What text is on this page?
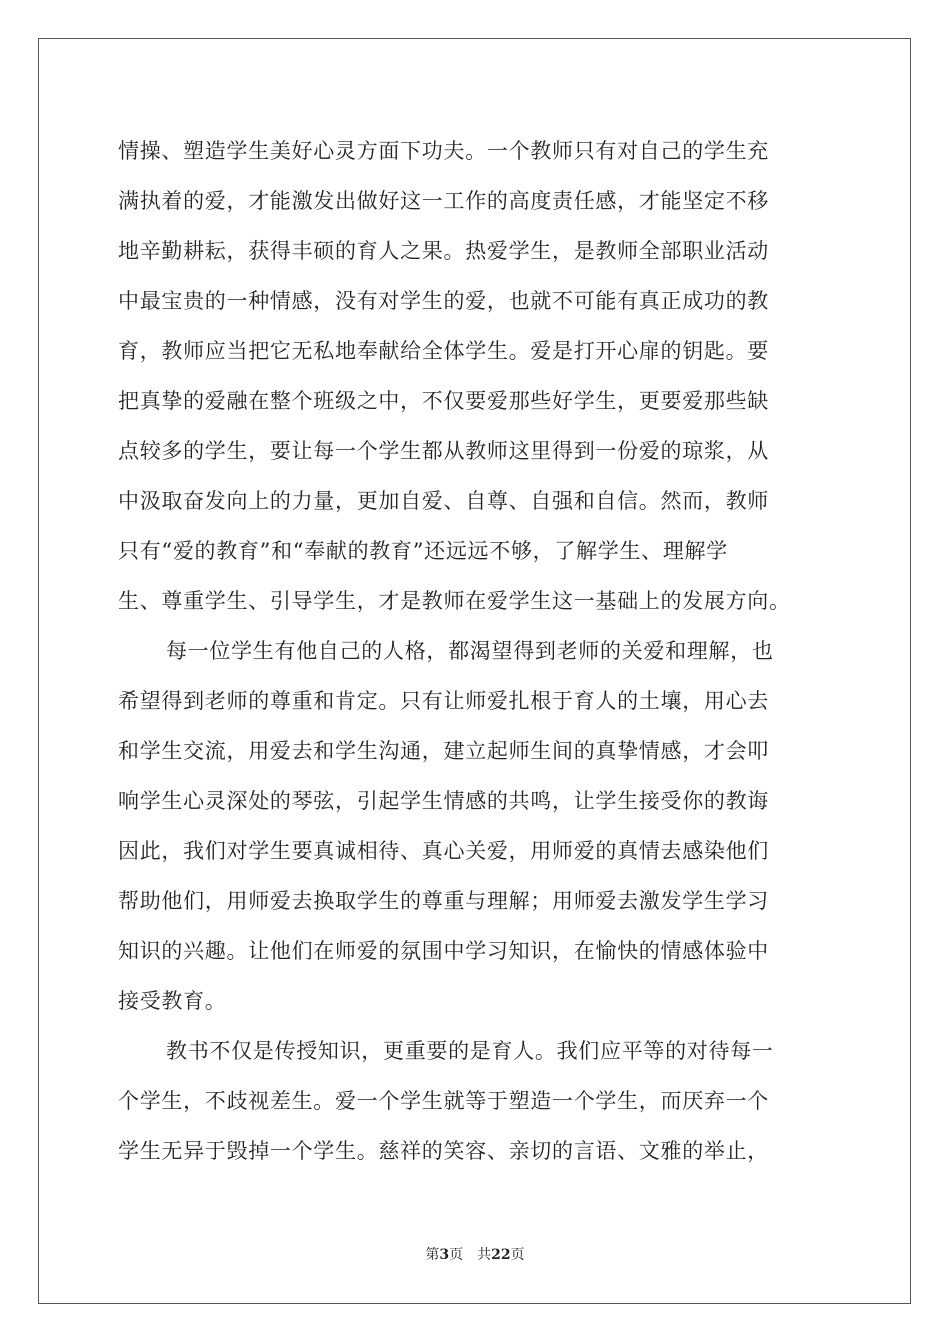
情操、塑造学生美好心灵方面下功夫。一个教师只有对自己的学生充
满执着的爱，才能激发出做好这一工作的高度责任感，才能坚定不移
地辛勤耕耘，获得丰硕的育人之果。热爱学生，是教师全部职业活动
中最宝贵的一种情感，没有对学生的爱，也就不可能有真正成功的教
育，教师应当把它无私地奉献给全体学生。爱是打开心扉的钥匙。要
把真挚的爱融在整个班级之中，不仅要爱那些好学生，更要爱那些缺
点较多的学生，要让每一个学生都从教师这里得到一份爱的琼浆，从
中汲取奋发向上的力量，更加自爱、自尊、自强和自信。然而，教师
只有“爱的教育”和“奉献的教育”还远远不够，了解学生、理解学
生、尊重学生、引导学生，才是教师在爱学生这一基础上的发展方向。
每一位学生有他自己的人格，都渴望得到老师的关爱和理解，也
希望得到老师的尊重和肯定。只有让师爱扎根于育人的土壤，用心去
和学生交流，用爱去和学生沟通，建立起师生间的真挚情感，才会叩
响学生心灵深处的琴弦，引起学生情感的共鸣，让学生接受你的教诲
因此，我们对学生要真诚相待、真心关爱，用师爱的真情去感染他们
帮助他们，用师爱去换取学生的尊重与理解；用师爱去激发学生学习
知识的兴趣。让他们在师爱的氛围中学习知识，在愉快的情感体验中
接受教育。
教书不仅是传授知识，更重要的是育人。我们应平等的对待每一
个学生，不歧视差生。爱一个学生就等于塑造一个学生，而厌弃一个
学生无异于毁掉一个学生。慈祥的笑容、亲切的言语、文雅的举止，
第3页 共22页
